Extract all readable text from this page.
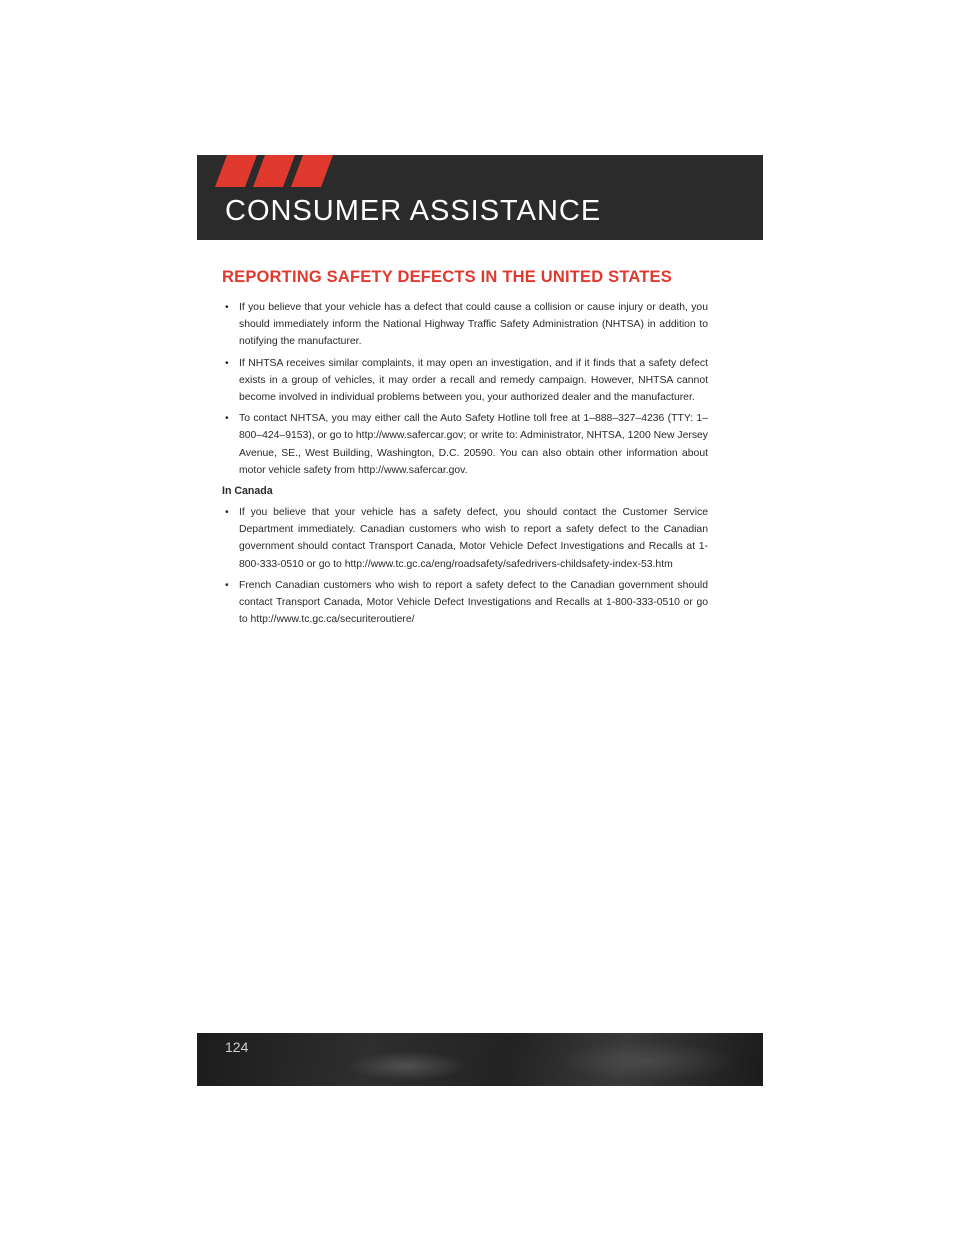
CONSUMER ASSISTANCE
REPORTING SAFETY DEFECTS IN THE UNITED STATES
• If you believe that your vehicle has a defect that could cause a collision or cause injury or death, you should immediately inform the National Highway Traffic Safety Administration (NHTSA) in addition to notifying the manufacturer.
• If NHTSA receives similar complaints, it may open an investigation, and if it finds that a safety defect exists in a group of vehicles, it may order a recall and remedy campaign. However, NHTSA cannot become involved in individual problems between you, your authorized dealer and the manufacturer.
• To contact NHTSA, you may either call the Auto Safety Hotline toll free at 1–888–327–4236 (TTY: 1–800–424–9153), or go to http://www.safercar.gov; or write to: Administrator, NHTSA, 1200 New Jersey Avenue, SE., West Building, Washington, D.C. 20590. You can also obtain other information about motor vehicle safety from http://www.safercar.gov.
In Canada
• If you believe that your vehicle has a safety defect, you should contact the Customer Service Department immediately. Canadian customers who wish to report a safety defect to the Canadian government should contact Transport Canada, Motor Vehicle Defect Investigations and Recalls at 1-800-333-0510 or go to http://www.tc.gc.ca/eng/roadsafety/safedrivers-childsafety-index-53.htm
• French Canadian customers who wish to report a safety defect to the Canadian government should contact Transport Canada, Motor Vehicle Defect Investigations and Recalls at 1-800-333-0510 or go to http://www.tc.gc.ca/securiteroutiere/
124
